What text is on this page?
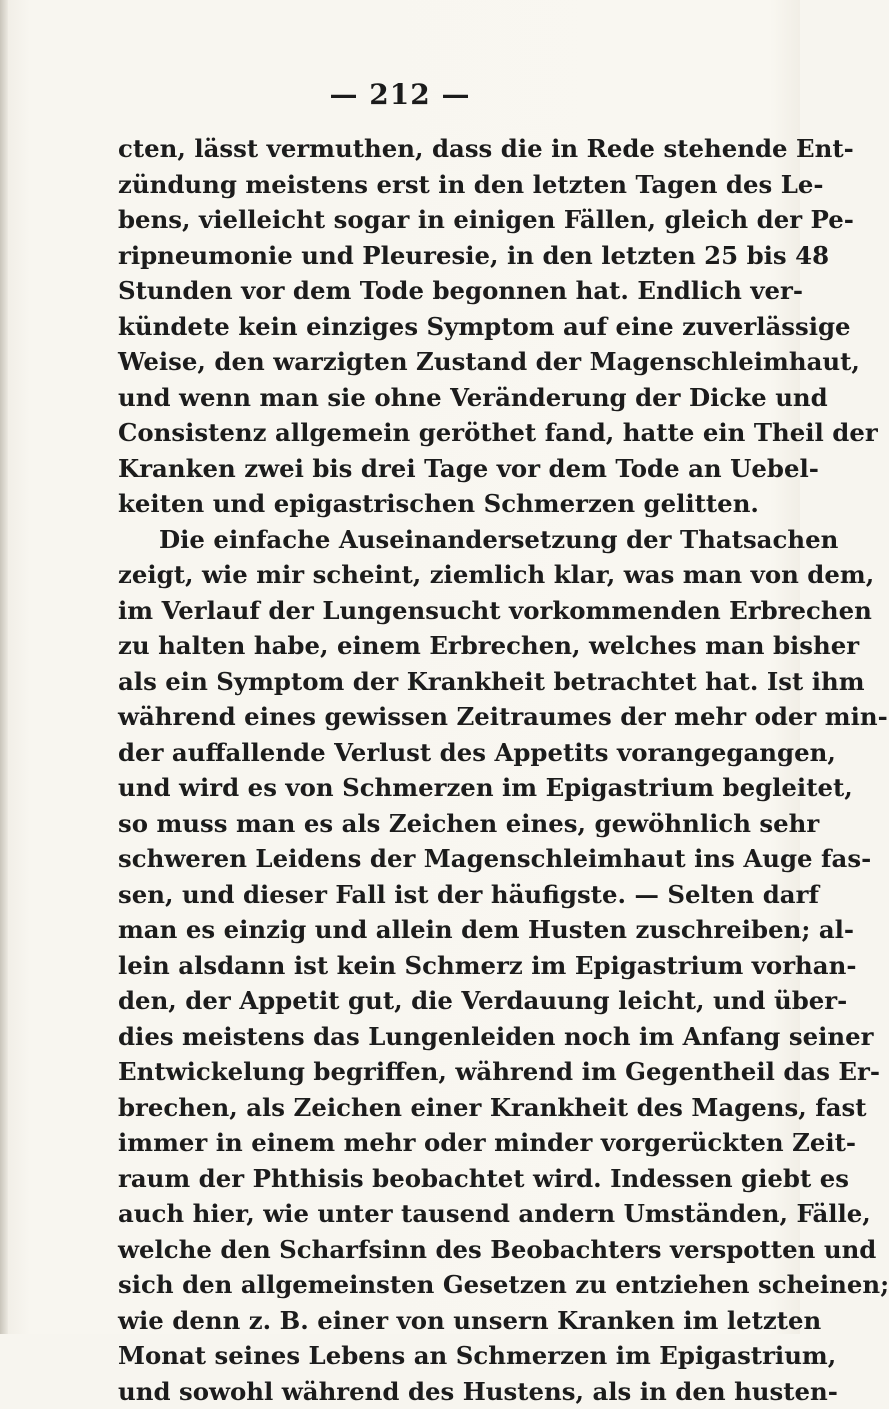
— 212 —
cten, lässt vermuthen, dass die in Rede stehende Ent-
zündung meistens erst in den letzten Tagen des Le-
bens, vielleicht sogar in einigen Fällen, gleich der Pe-
ripneumonie und Pleuresie, in den letzten 25 bis 48
Stunden vor dem Tode begonnen hat. Endlich ver-
kündete kein einziges Symptom auf eine zuverlässige
Weise, den warzigten Zustand der Magenschleimhaut,
und wenn man sie ohne Veränderung der Dicke und
Consistenz allgemein geröthet fand, hatte ein Theil der
Kranken zwei bis drei Tage vor dem Tode an Uebel-
keiten und epigastrischen Schmerzen gelitten.
Die einfache Auseinandersetzung der Thatsachen
zeigt, wie mir scheint, ziemlich klar, was man von dem,
im Verlauf der Lungensucht vorkommenden Erbrechen
zu halten habe, einem Erbrechen, welches man bisher
als ein Symptom der Krankheit betrachtet hat. Ist ihm
während eines gewissen Zeitraumes der mehr oder min-
der auffallende Verlust des Appetits vorangegangen,
und wird es von Schmerzen im Epigastrium begleitet,
so muss man es als Zeichen eines, gewöhnlich sehr
schweren Leidens der Magenschleimhaut ins Auge fas-
sen, und dieser Fall ist der häufigste. — Selten darf
man es einzig und allein dem Husten zuschreiben; al-
lein alsdann ist kein Schmerz im Epigastrium vorhan-
den, der Appetit gut, die Verdauung leicht, und über-
dies meistens das Lungenleiden noch im Anfang seiner
Entwickelung begriffen, während im Gegentheil das Er-
brechen, als Zeichen einer Krankheit des Magens, fast
immer in einem mehr oder minder vorgerückten Zeit-
raum der Phthisis beobachtet wird. Indessen giebt es
auch hier, wie unter tausend andern Umständen, Fälle,
welche den Scharfsinn des Beobachters verspotten und
sich den allgemeinsten Gesetzen zu entziehen scheinen;
wie denn z. B. einer von unsern Kranken im letzten
Monat seines Lebens an Schmerzen im Epigastrium,
und sowohl während des Hustens, als in den husten-
